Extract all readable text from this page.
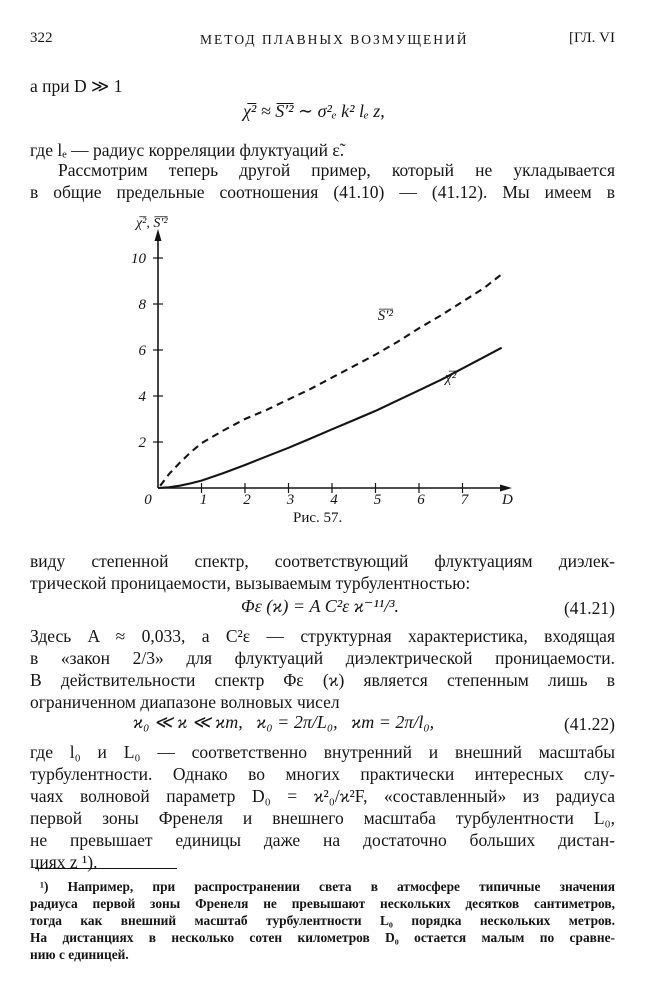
322	МЕТОД ПЛАВНЫХ ВОЗМУЩЕНИЙ	[ГЛ. VI
а при D ≫ 1
χ̅² ≈ S̅′̅² ∼ σ²ₑ k² lₑ z,
где lₑ — радиус корреляции флуктуаций ε̃.
Рассмотрим теперь другой пример, который не укладывается
в общие предельные соотношения (41.10) — (41.12). Мы имеем в
0	1 2 3 4 5 6 7
2
4
6
8
10
χ̅², S̅′̅²
D
S̅′̅²
χ̅²
Рис. 57.
виду степенной спектр, соответствующий флуктуациям диэлек-
трической проницаемости, вызываемым турбулентностью:
Φε (ϰ) = A C²ε ϰ⁻¹¹/³.	(41.21)
Здесь A ≈ 0,033, а C²ε — структурная характеристика, входящая
в «закон 2/3» для флуктуаций диэлектрической проницаемости.
В действительности спектр Φε (ϰ) является степенным лишь в
ограниченном диапазоне волновых чисел
ϰ₀ ≪ ϰ ≪ ϰm,   ϰ₀ = 2π/L₀,   ϰm = 2π/l₀,	(41.22)
где l₀ и L₀ — соответственно внутренний и внешний масштабы
турбулентности. Однако во многих практически интересных слу-
чаях волновой параметр D₀ = ϰ²₀/ϰ²F, «составленный» из радиуса
первой зоны Френеля и внешнего масштаба турбулентности L₀,
не превышает единицы даже на достаточно больших дистан-
циях z ¹).
¹) Например, при распространении света в атмосфере типичные значения
радиуса первой зоны Френеля не превышают нескольких десятков сантиметров,
тогда как внешний масштаб турбулентности L₀ порядка нескольких метров.
На дистанциях в несколько сотен километров D₀ остается малым по сравне-
нию с единицей.
